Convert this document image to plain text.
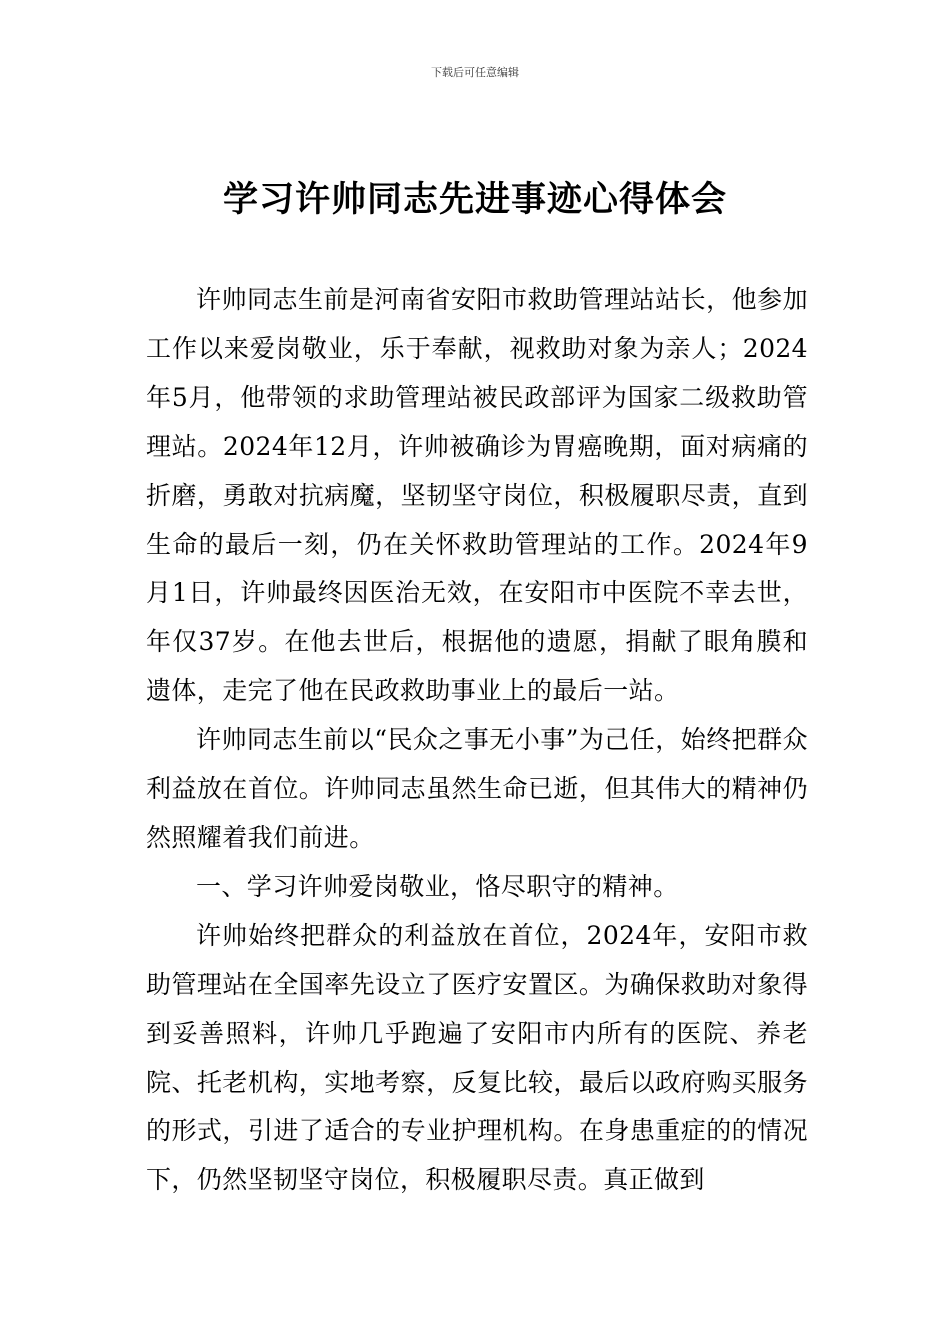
下载后可任意编辑
学习许帅同志先进事迹心得体会

许帅同志生前是河南省安阳市救助管理站站长，他参加工作以来爱岗敬业，乐于奉献，视救助对象为亲人；2024年5月，他带领的求助管理站被民政部评为国家二级救助管理站。2024年12月，许帅被确诊为胃癌晚期，面对病痛的折磨，勇敢对抗病魔，坚韧坚守岗位，积极履职尽责，直到生命的最后一刻，仍在关怀救助管理站的工作。2024年9月1日，许帅最终因医治无效，在安阳市中医院不幸去世，年仅37岁。在他去世后，根据他的遗愿，捐献了眼角膜和遗体，走完了他在民政救助事业上的最后一站。

许帅同志生前以“民众之事无小事”为己任，始终把群众利益放在首位。许帅同志虽然生命已逝，但其伟大的精神仍然照耀着我们前进。

一、学习许帅爱岗敬业，恪尽职守的精神。

许帅始终把群众的利益放在首位，2024年，安阳市救助管理站在全国率先设立了医疗安置区。为确保救助对象得到妥善照料，许帅几乎跑遍了安阳市内所有的医院、养老院、托老机构，实地考察，反复比较，最后以政府购买服务的形式，引进了适合的专业护理机构。在身患重症的的情况下，仍然坚韧坚守岗位，积极履职尽责。真正做到
